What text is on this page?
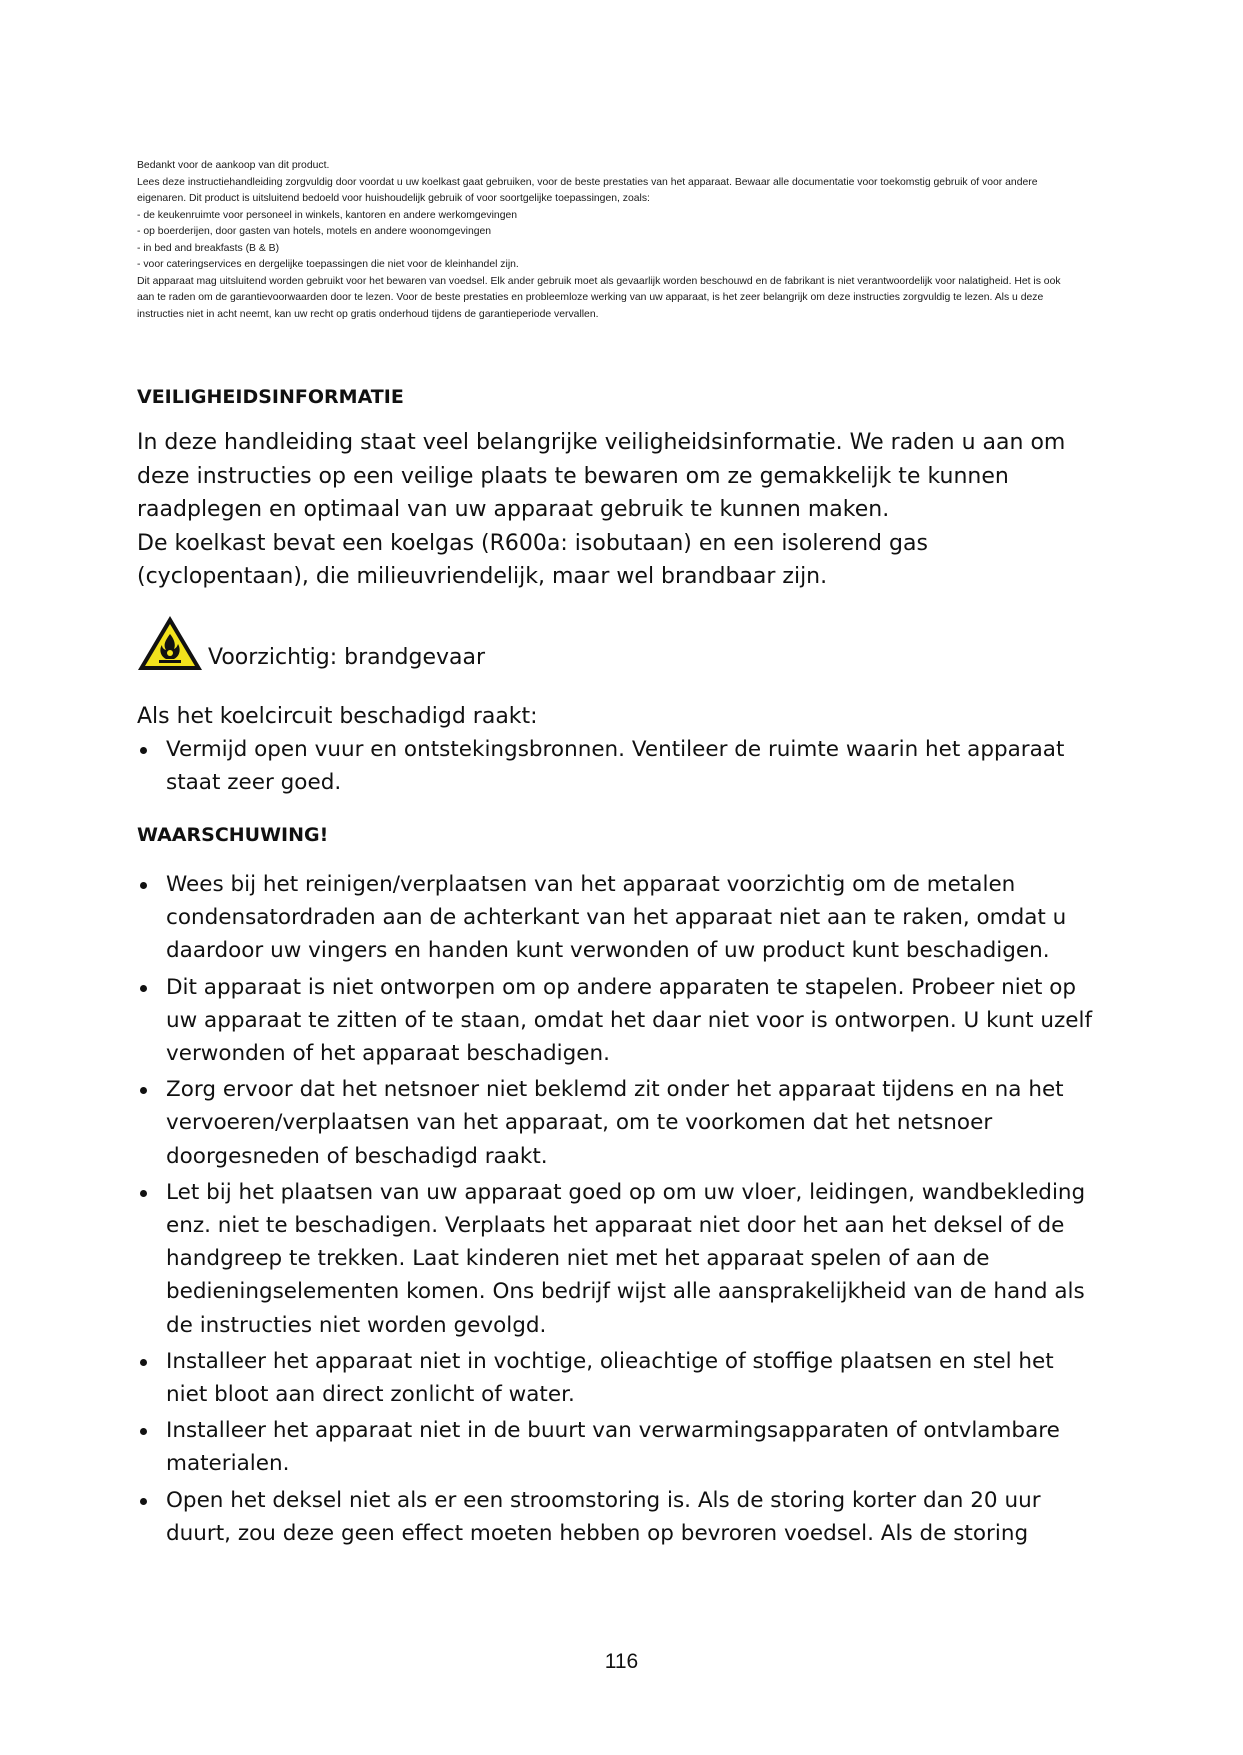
Bedankt voor de aankoop van dit product.

Lees deze instructiehandleiding zorgvuldig door voordat u uw koelkast gaat gebruiken, voor de beste prestaties van het apparaat. Bewaar alle documentatie voor toekomstig gebruik of voor andere eigenaren. Dit product is uitsluitend bedoeld voor huishoudelijk gebruik of voor soortgelijke toepassingen, zoals:

- de keukenruimte voor personeel in winkels, kantoren en andere werkomgevingen

- op boerderijen, door gasten van hotels, motels en andere woonomgevingen

- in bed and breakfasts (B & B)

- voor cateringservices en dergelijke toepassingen die niet voor de kleinhandel zijn.

Dit apparaat mag uitsluitend worden gebruikt voor het bewaren van voedsel. Elk ander gebruik moet als gevaarlijk worden beschouwd en de fabrikant is niet verantwoordelijk voor nalatigheid. Het is ook aan te raden om de garantievoorwaarden door te lezen. Voor de beste prestaties en probleemloze werking van uw apparaat, is het zeer belangrijk om deze instructies zorgvuldig te lezen. Als u deze instructies niet in acht neemt, kan uw recht op gratis onderhoud tijdens de garantieperiode vervallen.

VEILIGHEIDSINFORMATIE
In deze handleiding staat veel belangrijke veiligheidsinformatie. We raden u aan om deze instructies op een veilige plaats te bewaren om ze gemakkelijk te kunnen raadplegen en optimaal van uw apparaat gebruik te kunnen maken.
De koelkast bevat een koelgas (R600a: isobutaan) en een isolerend gas (cyclopentaan), die milieuvriendelijk, maar wel brandbaar zijn.
Voorzichtig: brandgevaar
Als het koelcircuit beschadigd raakt:
Vermijd open vuur en ontstekingsbronnen. Ventileer de ruimte waarin het apparaat staat zeer goed.
WAARSCHUWING!
Wees bij het reinigen/verplaatsen van het apparaat voorzichtig om de metalen condensatordraden aan de achterkant van het apparaat niet aan te raken, omdat u daardoor uw vingers en handen kunt verwonden of uw product kunt beschadigen.
Dit apparaat is niet ontworpen om op andere apparaten te stapelen. Probeer niet op uw apparaat te zitten of te staan, omdat het daar niet voor is ontworpen. U kunt uzelf verwonden of het apparaat beschadigen.
Zorg ervoor dat het netsnoer niet beklemd zit onder het apparaat tijdens en na het vervoeren/verplaatsen van het apparaat, om te voorkomen dat het netsnoer doorgesneden of beschadigd raakt.
Let bij het plaatsen van uw apparaat goed op om uw vloer, leidingen, wandbekleding enz. niet te beschadigen. Verplaats het apparaat niet door het aan het deksel of de handgreep te trekken. Laat kinderen niet met het apparaat spelen of aan de bedieningselementen komen. Ons bedrijf wijst alle aansprakelijkheid van de hand als de instructies niet worden gevolgd.
Installeer het apparaat niet in vochtige, olieachtige of stoffige plaatsen en stel het niet bloot aan direct zonlicht of water.
Installeer het apparaat niet in de buurt van verwarmingsapparaten of ontvlambare materialen.
Open het deksel niet als er een stroomstoring is. Als de storing korter dan 20 uur duurt, zou deze geen effect moeten hebben op bevroren voedsel. Als de storing
116
